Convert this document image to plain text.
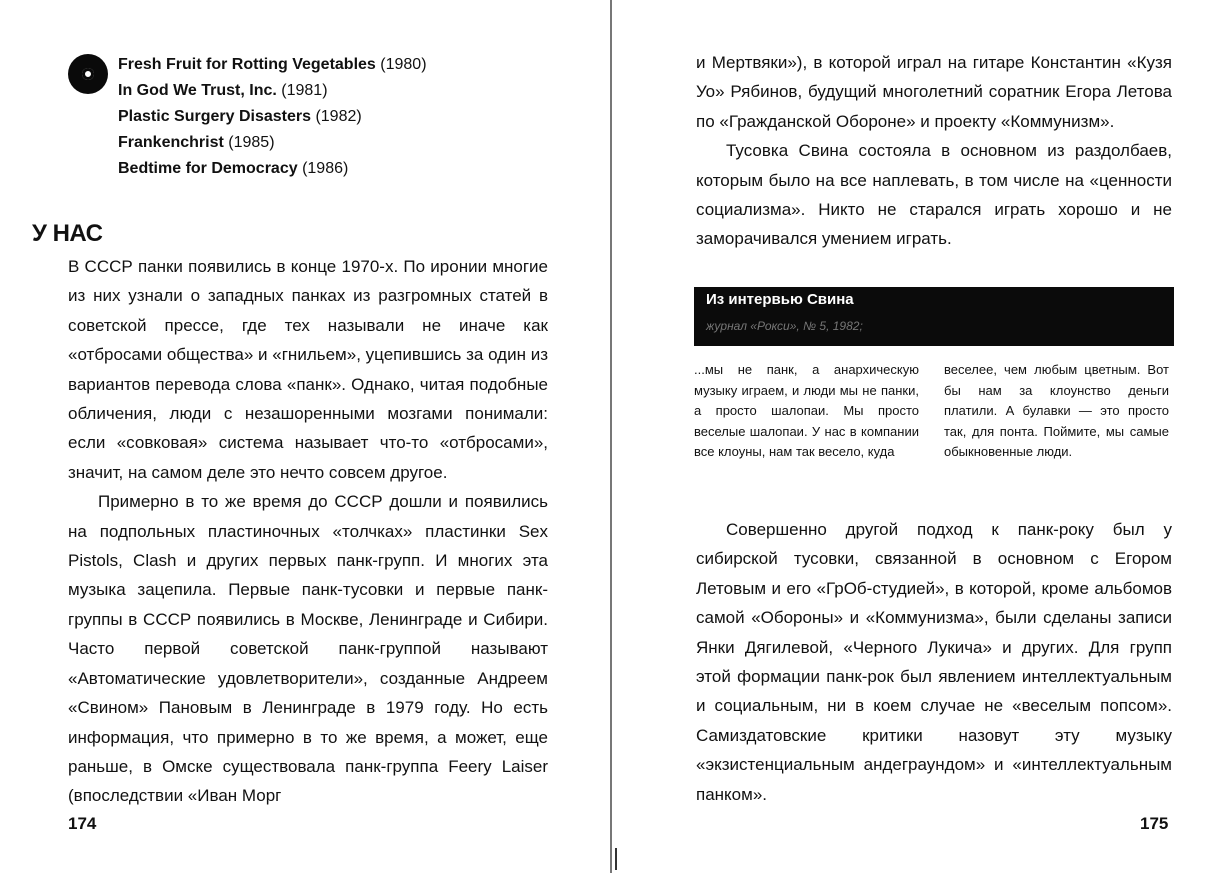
Fresh Fruit for Rotting Vegetables (1980)
In God We Trust, Inc. (1981)
Plastic Surgery Disasters (1982)
Frankenchrist (1985)
Bedtime for Democracy (1986)
У НАС

В СССР панки появились в конце 1970-х. По иронии многие из них узнали о западных панках из разгромных статей в советской прессе, где тех называли не иначе как «отбросами общества» и «гнильем», уцепившись за один из вариантов перевода слова «панк». Однако, читая подобные обличения, люди с незашоренными мозгами понимали: если «совковая» система называет что-то «отбросами», значит, на самом деле это нечто совсем другое.

Примерно в то же время до СССР дошли и появились на подпольных пластиночных «толчках» пластинки Sex Pistols, Clash и других первых панк-групп. И многих эта музыка зацепила. Первые панк-тусовки и первые панк-группы в СССР появились в Москве, Ленинграде и Сибири. Часто первой советской панк-группой называют «Автоматические удовлетворители», созданные Андреем «Свином» Пановым в Ленинграде в 1979 году. Но есть информация, что примерно в то же время, а может, еще раньше, в Омске существовала панк-группа Feery Laiser (впоследствии «Иван Морг

174

и Мертвяки»), в которой играл на гитаре Константин «Кузя Уо» Рябинов, будущий многолетний соратник Егора Летова по «Гражданской Обороне» и проекту «Коммунизм».

Тусовка Свина состояла в основном из раздолбаев, которым было на все наплевать, в том числе на «ценности социализма». Никто не старался играть хорошо и не заморачивался умением играть.

Из интервью Свина
журнал «Рокси», № 5, 1982;
...мы не панк, а анархическую музыку играем, и люди мы не панки, а просто шалопаи. Мы просто веселые шалопаи. У нас в компании все клоуны, нам так весело, куда
веселее, чем любым цветным. Вот бы нам за клоунство деньги платили. А булавки — это просто так, для понта. Поймите, мы самые обыкновенные люди.

Совершенно другой подход к панк-року был у сибирской тусовки, связанной в основном с Егором Летовым и его «ГрОб-студией», в которой, кроме альбомов самой «Обороны» и «Коммунизма», были сделаны записи Янки Дягилевой, «Черного Лукича» и других. Для групп этой формации панк-рок был явлением интеллектуальным и социальным, ни в коем случае не «веселым попсом». Самиздатовские критики назовут эту музыку «экзистенциальным андеграундом» и «интеллектуальным панком».

175
